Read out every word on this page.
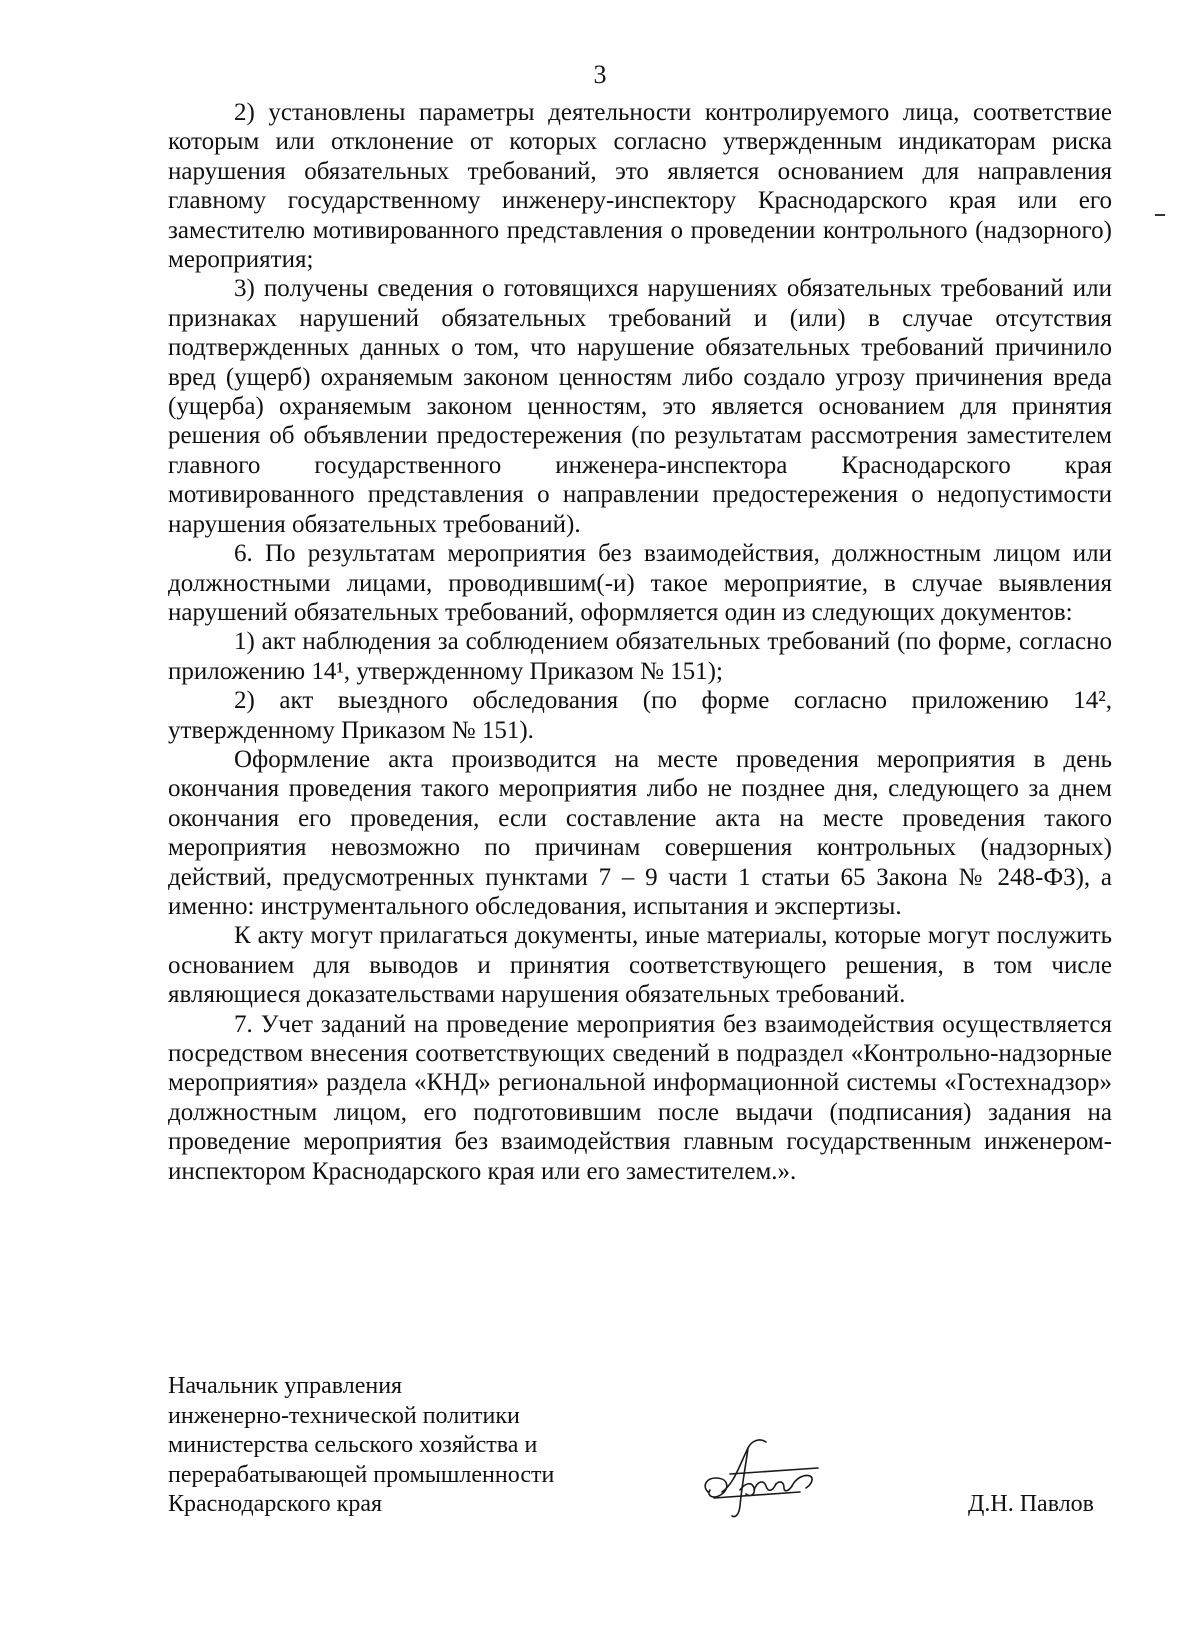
3

2) установлены параметры деятельности контролируемого лица, соответствие которым или отклонение от которых согласно утвержденным индикаторам риска нарушения обязательных требований, это является основанием для направления главному государственному инженеру-инспектору Краснодарского края или его заместителю мотивированного представления о проведении контрольного (надзорного) мероприятия;

3) получены сведения о готовящихся нарушениях обязательных требований или признаках нарушений обязательных требований и (или) в случае отсутствия подтвержденных данных о том, что нарушение обязательных требований причинило вред (ущерб) охраняемым законом ценностям либо создало угрозу причинения вреда (ущерба) охраняемым законом ценностям, это является основанием для принятия решения об объявлении предостережения (по результатам рассмотрения заместителем главного государственного инженера-инспектора Краснодарского края мотивированного представления о направлении предостережения о недопустимости нарушения обязательных требований).

6. По результатам мероприятия без взаимодействия, должностным лицом или должностными лицами, проводившим(-и) такое мероприятие, в случае выявления нарушений обязательных требований, оформляется один из следующих документов:

1) акт наблюдения за соблюдением обязательных требований (по форме, согласно приложению 14¹, утвержденному Приказом № 151);

2) акт выездного обследования (по форме согласно приложению 14², утвержденному Приказом № 151).

Оформление акта производится на месте проведения мероприятия в день окончания проведения такого мероприятия либо не позднее дня, следующего за днем окончания его проведения, если составление акта на месте проведения такого мероприятия невозможно по причинам совершения контрольных (надзорных) действий, предусмотренных пунктами 7 – 9 части 1 статьи 65 Закона № 248-ФЗ), а именно: инструментального обследования, испытания и экспертизы.

К акту могут прилагаться документы, иные материалы, которые могут послужить основанием для выводов и принятия соответствующего решения, в том числе являющиеся доказательствами нарушения обязательных требований.

7. Учет заданий на проведение мероприятия без взаимодействия осуществляется посредством внесения соответствующих сведений в подраздел «Контрольно-надзорные мероприятия» раздела «КНД» региональной информационной системы «Гостехнадзор» должностным лицом, его подготовившим после выдачи (подписания) задания на проведение мероприятия без взаимодействия главным государственным инженером-инспектором Краснодарского края или его заместителем.».

Начальник управления
инженерно-технической политики
министерства сельского хозяйства и
перерабатывающей промышленности
Краснодарского края	Д.Н. Павлов
